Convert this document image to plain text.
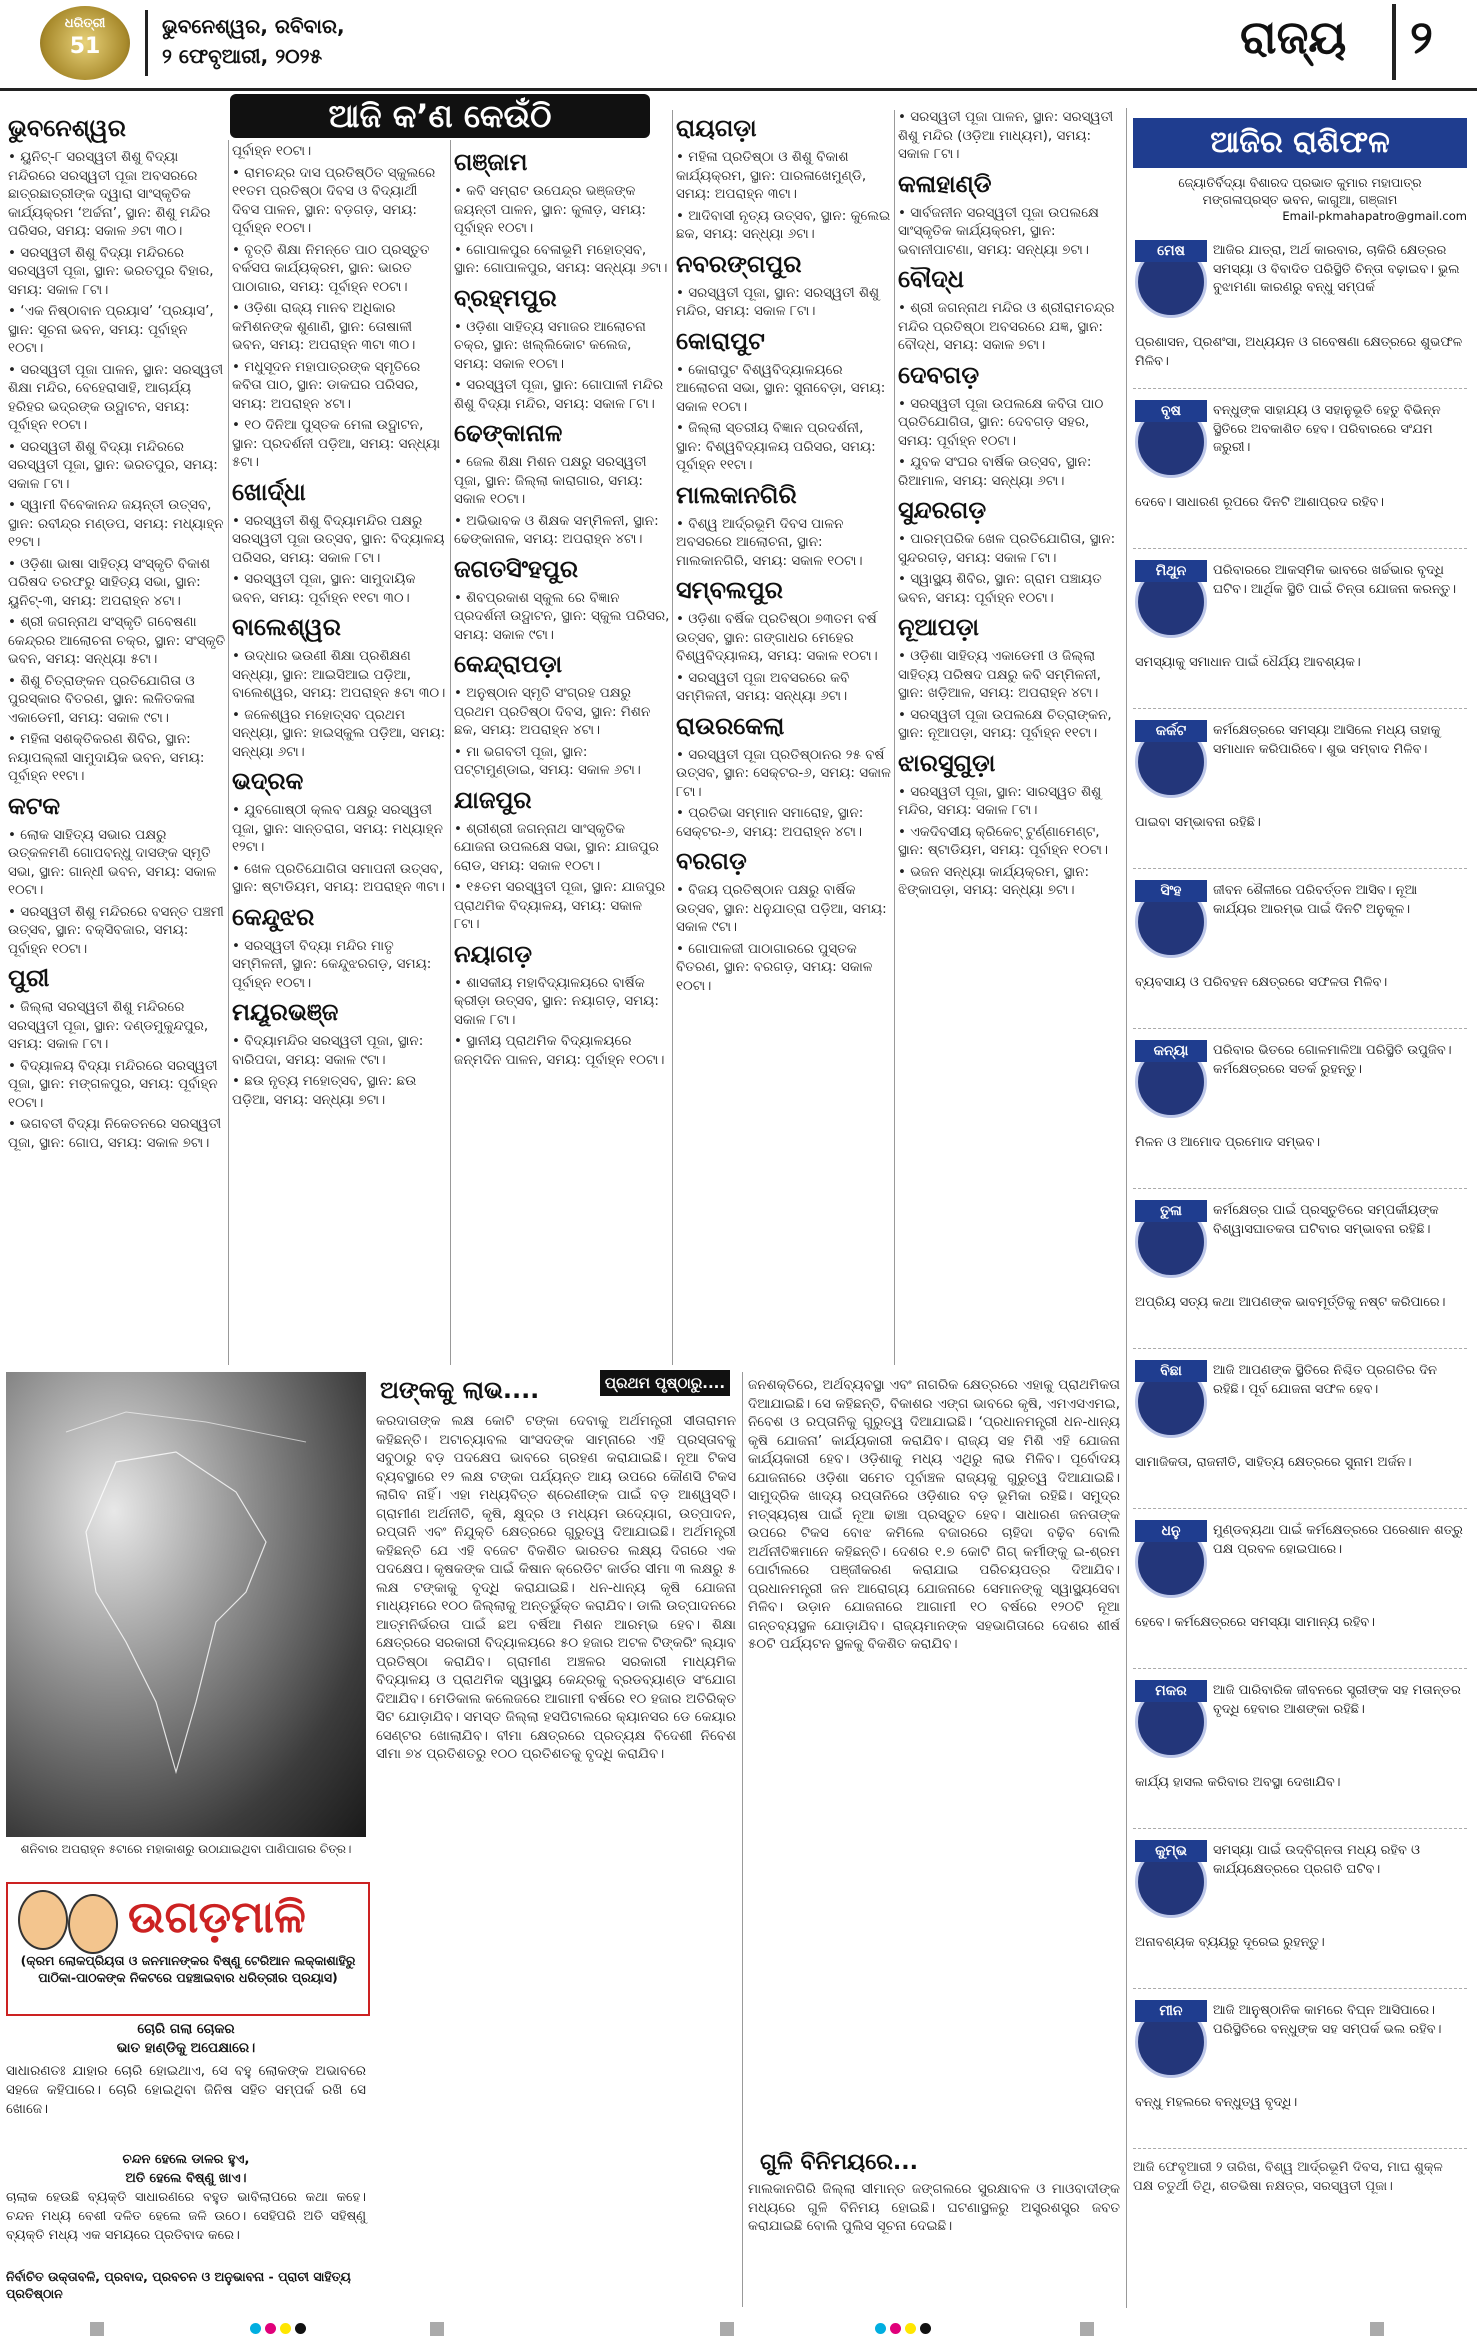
ଧରିତ୍ରୀ
51
ଭୁବନେଶ୍ୱର, ରବିବାର,
୨ ଫେବୃଆରୀ, ୨୦୨୫	ରାଜ୍ୟ ୨
ଆଜି କ’ଣ କେଉଁଠି
ଭୁବନେଶ୍ୱର
• ୟୁନିଟ୍-୮ ସରସ୍ୱତୀ ଶିଶୁ ବିଦ୍ୟା ମନ୍ଦିରରେ ସରସ୍ୱତୀ ପୂଜା ଅବସରରେ ଛାତ୍ରଛାତ୍ରୀଙ୍କ ଦ୍ୱାରା ସାଂସ୍କୃତିକ କାର୍ଯ୍ୟକ୍ରମ ‘ଅର୍ଚ୍ଚନା’, ସ୍ଥାନ: ଶିଶୁ ମନ୍ଦିର ପରିସର, ସମୟ: ସକାଳ ୬ଟା ୩୦।
• ସରସ୍ୱତୀ ଶିଶୁ ବିଦ୍ୟା ମନ୍ଦିରରେ ସରସ୍ୱତୀ ପୂଜା, ସ୍ଥାନ: ଭରତପୁର ବିହାର, ସମୟ: ସକାଳ ୮ଟା।
• ‘ଏକ ନିଷ୍ଠାବାନ ପ୍ରୟାସ’ ‘ପ୍ରୟାସ’, ସ୍ଥାନ: ସୂଚନା ଭବନ, ସମୟ: ପୂର୍ବାହ୍ନ ୧୦ଟା।
• ସରସ୍ୱତୀ ପୂଜା ପାଳନ, ସ୍ଥାନ: ସରସ୍ୱତୀ ଶିକ୍ଷା ମନ୍ଦିର, ବେହେରାସାହି, ଆଚାର୍ଯ୍ୟ ହରିହର ଭଦ୍ରଙ୍କ ଉଦ୍ଘାଟନ, ସମୟ: ପୂର୍ବାହ୍ନ ୧୦ଟା।
• ସରସ୍ୱତୀ ଶିଶୁ ବିଦ୍ୟା ମନ୍ଦିରରେ ସରସ୍ୱତୀ ପୂଜା, ସ୍ଥାନ: ଭରତପୁର, ସମୟ: ସକାଳ ୮ଟା।
• ସ୍ୱାମୀ ବିବେକାନନ୍ଦ ଜୟନ୍ତୀ ଉତ୍ସବ, ସ୍ଥାନ: ରବୀନ୍ଦ୍ର ମଣ୍ଡପ, ସମୟ: ମଧ୍ୟାହ୍ନ ୧୨ଟା।
• ଓଡ଼ିଶା ଭାଷା ସାହିତ୍ୟ ସଂସ୍କୃତି ବିକାଶ ପରିଷଦ ତରଫରୁ ସାହିତ୍ୟ ସଭା, ସ୍ଥାନ: ୟୁନିଟ୍-୩, ସମୟ: ଅପରାହ୍ନ ୪ଟା।
• ଶ୍ରୀ ଜଗନ୍ନାଥ ସଂସ୍କୃତି ଗବେଷଣା କେନ୍ଦ୍ରର ଆଲୋଚନା ଚକ୍ର, ସ୍ଥାନ: ସଂସ୍କୃତି ଭବନ, ସମୟ: ସନ୍ଧ୍ୟା ୫ଟା।
• ଶିଶୁ ଚିତ୍ରାଙ୍କନ ପ୍ରତିଯୋଗିତା ଓ ପୁରସ୍କାର ବିତରଣ, ସ୍ଥାନ: ଲଳିତକଳା ଏକାଡେମୀ, ସମୟ: ସକାଳ ୯ଟା।
• ମହିଳା ସଶକ୍ତିକରଣ ଶିବିର, ସ୍ଥାନ: ନୟାପଲ୍ଲୀ ସାମୁଦାୟିକ ଭବନ, ସମୟ: ପୂର୍ବାହ୍ନ ୧୧ଟା।
କଟକ
• ଲୋକ ସାହିତ୍ୟ ସଭାର ପକ୍ଷରୁ ଉତ୍କଳମଣି ଗୋପବନ୍ଧୁ ଦାସଙ୍କ ସ୍ମୃତି ସଭା, ସ୍ଥାନ: ଗାନ୍ଧୀ ଭବନ, ସମୟ: ସକାଳ ୧୦ଟା।
• ସରସ୍ୱତୀ ଶିଶୁ ମନ୍ଦିରରେ ବସନ୍ତ ପଞ୍ଚମୀ ଉତ୍ସବ, ସ୍ଥାନ: ବକ୍ସିବଜାର, ସମୟ: ପୂର୍ବାହ୍ନ ୧୦ଟା।
ପୁରୀ
• ଜିଲ୍ଲା ସରସ୍ୱତୀ ଶିଶୁ ମନ୍ଦିରରେ ସରସ୍ୱତୀ ପୂଜା, ସ୍ଥାନ: ଦଣ୍ଡମୁକୁନ୍ଦପୁର, ସମୟ: ସକାଳ ୮ଟା।
• ବିଦ୍ୟାଳୟ ବିଦ୍ୟା ମନ୍ଦିରରେ ସରସ୍ୱତୀ ପୂଜା, ସ୍ଥାନ: ମଙ୍ଗଳପୁର, ସମୟ: ପୂର୍ବାହ୍ନ ୧୦ଟା।
• ଭଗବତୀ ବିଦ୍ୟା ନିକେତନରେ ସରସ୍ୱତୀ ପୂଜା, ସ୍ଥାନ: ଗୋପ, ସମୟ: ସକାଳ ୭ଟା।
ପୂର୍ବାହ୍ନ ୧୦ଟା।
• ରାମଚନ୍ଦ୍ର ଦାସ ପ୍ରତିଷ୍ଠିତ ସ୍କୁଲରେ ୧୧ତମ ପ୍ରତିଷ୍ଠା ଦିବସ ଓ ବିଦ୍ୟାର୍ଥୀ ଦିବସ ପାଳନ, ସ୍ଥାନ: ବଡ଼ଗଡ଼, ସମୟ: ପୂର୍ବାହ୍ନ ୧୦ଟା।
• ବୃତ୍ତି ଶିକ୍ଷା ନିମନ୍ତେ ପାଠ ପ୍ରସ୍ତୁତ ବର୍କସପ କାର୍ଯ୍ୟକ୍ରମ, ସ୍ଥାନ: ଭାରତ ପାଠାଗାର, ସମୟ: ପୂର୍ବାହ୍ନ ୧୦ଟା।
• ଓଡ଼ିଶା ରାଜ୍ୟ ମାନବ ଅଧିକାର କମିଶନଙ୍କ ଶୁଣାଣି, ସ୍ଥାନ: ତୋଷାଳୀ ଭବନ, ସମୟ: ଅପରାହ୍ନ ୩ଟା ୩୦।
• ମଧୁସୂଦନ ମହାପାତ୍ରଙ୍କ ସ୍ମୃତିରେ କବିତା ପାଠ, ସ୍ଥାନ: ଡାକଘର ପରିସର, ସମୟ: ଅପରାହ୍ନ ୪ଟା।
• ୧୦ ଦିନିଆ ପୁସ୍ତକ ମେଳା ଉଦ୍ଘାଟନ, ସ୍ଥାନ: ପ୍ରଦର୍ଶନୀ ପଡ଼ିଆ, ସମୟ: ସନ୍ଧ୍ୟା ୫ଟା।
ଖୋର୍ଦ୍ଧା
• ସରସ୍ୱତୀ ଶିଶୁ ବିଦ୍ୟାମନ୍ଦିର ପକ୍ଷରୁ ସରସ୍ୱତୀ ପୂଜା ଉତ୍ସବ, ସ୍ଥାନ: ବିଦ୍ୟାଳୟ ପରିସର, ସମୟ: ସକାଳ ୮ଟା।
• ସରସ୍ୱତୀ ପୂଜା, ସ୍ଥାନ: ସାମୁଦାୟିକ ଭବନ, ସମୟ: ପୂର୍ବାହ୍ନ ୧୧ଟା ୩୦।
ବାଲେଶ୍ୱର
• ଉଦ୍ଧାର ଭଉଣୀ ଶିକ୍ଷା ପ୍ରଶିକ୍ଷଣ ସନ୍ଧ୍ୟା, ସ୍ଥାନ: ଆଇସିଆଇ ପଡ଼ିଆ, ବାଲେଶ୍ୱର, ସମୟ: ଅପରାହ୍ନ ୫ଟା ୩୦।
• ଜଳେଶ୍ୱର ମହୋତ୍ସବ ପ୍ରଥମ ସନ୍ଧ୍ୟା, ସ୍ଥାନ: ହାଇସ୍କୁଲ ପଡ଼ିଆ, ସମୟ: ସନ୍ଧ୍ୟା ୬ଟା।
ଭଦ୍ରକ
• ଯୁବଗୋଷ୍ଠୀ କ୍ଲବ ପକ୍ଷରୁ ସରସ୍ୱତୀ ପୂଜା, ସ୍ଥାନ: ସାନ୍ତରାଗ, ସମୟ: ମଧ୍ୟାହ୍ନ ୧୨ଟା।
• ଖେଳ ପ୍ରତିଯୋଗିତା ସମାପନୀ ଉତ୍ସବ, ସ୍ଥାନ: ଷ୍ଟାଡିୟମ, ସମୟ: ଅପରାହ୍ନ ୩ଟା।
କେନ୍ଦୁଝର
• ସରସ୍ୱତୀ ବିଦ୍ୟା ମନ୍ଦିର ମାତୃ ସମ୍ମିଳନୀ, ସ୍ଥାନ: କେନ୍ଦୁଝରଗଡ଼, ସମୟ: ପୂର୍ବାହ୍ନ ୧୦ଟା।
ମୟୂରଭଞ୍ଜ
• ବିଦ୍ୟାମନ୍ଦିର ସରସ୍ୱତୀ ପୂଜା, ସ୍ଥାନ: ବାରିପଦା, ସମୟ: ସକାଳ ୯ଟା।
• ଛଉ ନୃତ୍ୟ ମହୋତ୍ସବ, ସ୍ଥାନ: ଛଉ ପଡ଼ିଆ, ସମୟ: ସନ୍ଧ୍ୟା ୭ଟା।
ଗଞ୍ଜାମ
• କବି ସମ୍ରାଟ ଉପେନ୍ଦ୍ର ଭଞ୍ଜଙ୍କ ଜୟନ୍ତୀ ପାଳନ, ସ୍ଥାନ: କୁଳାଡ଼, ସମୟ: ପୂର୍ବାହ୍ନ ୧୦ଟା।
• ଗୋପାଳପୁର ବେଳାଭୂମି ମହୋତ୍ସବ, ସ୍ଥାନ: ଗୋପାଳପୁର, ସମୟ: ସନ୍ଧ୍ୟା ୬ଟା।
ବ୍ରହ୍ମପୁର
• ଓଡ଼ିଶା ସାହିତ୍ୟ ସମାଜର ଆଲୋଚନା ଚକ୍ର, ସ୍ଥାନ: ଖଲ୍ଲିକୋଟ କଲେଜ, ସମୟ: ସକାଳ ୧୦ଟା।
• ସରସ୍ୱତୀ ପୂଜା, ସ୍ଥାନ: ଗୋପାଳୀ ମନ୍ଦିର ଶିଶୁ ବିଦ୍ୟା ମନ୍ଦିର, ସମୟ: ସକାଳ ୮ଟା।
ଢେଙ୍କାନାଳ
• ଜେଲ ଶିକ୍ଷା ମିଶନ ପକ୍ଷରୁ ସରସ୍ୱତୀ ପୂଜା, ସ୍ଥାନ: ଜିଲ୍ଲା କାରାଗାର, ସମୟ: ସକାଳ ୧୦ଟା।
• ଅଭିଭାବକ ଓ ଶିକ୍ଷକ ସମ୍ମିଳନୀ, ସ୍ଥାନ: ଢେଙ୍କାନାଳ, ସମୟ: ଅପରାହ୍ନ ୪ଟା।
ଜଗତସିଂହପୁର
• ଶିବପ୍ରକାଶ ସ୍କୁଲ ରେ ବିଜ୍ଞାନ ପ୍ରଦର୍ଶନୀ ଉଦ୍ଘାଟନ, ସ୍ଥାନ: ସ୍କୁଲ ପରିସର, ସମୟ: ସକାଳ ୯ଟା।
କେନ୍ଦ୍ରାପଡ଼ା
• ଅନୁଷ୍ଠାନ ସ୍ମୃତି ସଂଗ୍ରହ ପକ୍ଷରୁ ପ୍ରଥମ ପ୍ରତିଷ୍ଠା ଦିବସ, ସ୍ଥାନ: ମିଶନ ଛକ, ସମୟ: ଅପରାହ୍ନ ୪ଟା।
• ମା ଭଗବତୀ ପୂଜା, ସ୍ଥାନ: ପଟ୍ଟାମୁଣ୍ଡାଇ, ସମୟ: ସକାଳ ୬ଟା।
ଯାଜପୁର
• ଶ୍ରୀଶ୍ରୀ ଜଗନ୍ନାଥ ସାଂସ୍କୃତିକ ଯୋଜନା ଉପଲକ୍ଷେ ସଭା, ସ୍ଥାନ: ଯାଜପୁର ରୋଡ, ସମୟ: ସକାଳ ୧୦ଟା।
• ୧୫ତମ ସରସ୍ୱତୀ ପୂଜା, ସ୍ଥାନ: ଯାଜପୁର ପ୍ରାଥମିକ ବିଦ୍ୟାଳୟ, ସମୟ: ସକାଳ ୮ଟା।
ନୟାଗଡ଼
• ଶାସକୀୟ ମହାବିଦ୍ୟାଳୟରେ ବାର୍ଷିକ କ୍ରୀଡ଼ା ଉତ୍ସବ, ସ୍ଥାନ: ନୟାଗଡ଼, ସମୟ: ସକାଳ ୮ଟା।
• ସ୍ଥାନୀୟ ପ୍ରାଥମିକ ବିଦ୍ୟାଳୟରେ ଜନ୍ମଦିନ ପାଳନ, ସମୟ: ପୂର୍ବାହ୍ନ ୧୦ଟା।
ରାୟଗଡ଼ା
• ମହିଳା ପ୍ରତିଷ୍ଠା ଓ ଶିଶୁ ବିକାଶ କାର୍ଯ୍ୟକ୍ରମ, ସ୍ଥାନ: ପାରଳାଖେମୁଣ୍ଡି, ସମୟ: ଅପରାହ୍ନ ୩ଟା।
• ଆଦିବାସୀ ନୃତ୍ୟ ଉତ୍ସବ, ସ୍ଥାନ: କୁଲେଇ ଛକ, ସମୟ: ସନ୍ଧ୍ୟା ୬ଟା।
ନବରଙ୍ଗପୁର
• ସରସ୍ୱତୀ ପୂଜା, ସ୍ଥାନ: ସରସ୍ୱତୀ ଶିଶୁ ମନ୍ଦିର, ସମୟ: ସକାଳ ୮ଟା।
କୋରାପୁଟ
• କୋରାପୁଟ ବିଶ୍ୱବିଦ୍ୟାଳୟରେ ଆଲୋଚନା ସଭା, ସ୍ଥାନ: ସୁନାବେଡ଼ା, ସମୟ: ସକାଳ ୧୦ଟା।
• ଜିଲ୍ଲା ସ୍ତରୀୟ ବିଜ୍ଞାନ ପ୍ରଦର୍ଶନୀ, ସ୍ଥାନ: ବିଶ୍ୱବିଦ୍ୟାଳୟ ପରିସର, ସମୟ: ପୂର୍ବାହ୍ନ ୧୧ଟା।
ମାଲକାନଗିରି
• ବିଶ୍ୱ ଆର୍ଦ୍ରଭୂମି ଦିବସ ପାଳନ ଅବସରରେ ଆଲୋଚନା, ସ୍ଥାନ: ମାଲକାନଗିରି, ସମୟ: ସକାଳ ୧୦ଟା।
ସମ୍ବଲପୁର
• ଓଡ଼ିଶା ବର୍ଷିକ ପ୍ରତିଷ୍ଠା ୭୩ତମ ବର୍ଷ ଉତ୍ସବ, ସ୍ଥାନ: ଗଙ୍ଗାଧର ମେହେର ବିଶ୍ୱବିଦ୍ୟାଳୟ, ସମୟ: ସକାଳ ୧୦ଟା।
• ସରସ୍ୱତୀ ପୂଜା ଅବସରରେ କବି ସମ୍ମିଳନୀ, ସମୟ: ସନ୍ଧ୍ୟା ୬ଟା।
ରାଉରକେଲା
• ସରସ୍ୱତୀ ପୂଜା ପ୍ରତିଷ୍ଠାନର ୨୫ ବର୍ଷ ଉତ୍ସବ, ସ୍ଥାନ: ସେକ୍ଟର-୬, ସମୟ: ସକାଳ ୮ଟା।
• ପ୍ରତିଭା ସମ୍ମାନ ସମାରୋହ, ସ୍ଥାନ: ସେକ୍ଟର-୬, ସମୟ: ଅପରାହ୍ନ ୪ଟା।
ବରଗଡ଼
• ବିଜୟ ପ୍ରତିଷ୍ଠାନ ପକ୍ଷରୁ ବାର୍ଷିକ ଉତ୍ସବ, ସ୍ଥାନ: ଧନୁଯାତ୍ରା ପଡ଼ିଆ, ସମୟ: ସକାଳ ୯ଟା।
• ଗୋପାଳଜୀ ପାଠାଗାରରେ ପୁସ୍ତକ ବିତରଣ, ସ୍ଥାନ: ବରଗଡ଼, ସମୟ: ସକାଳ ୧୦ଟା।
• ସରସ୍ୱତୀ ପୂଜା ପାଳନ, ସ୍ଥାନ: ସରସ୍ୱତୀ ଶିଶୁ ମନ୍ଦିର (ଓଡ଼ିଆ ମାଧ୍ୟମ), ସମୟ: ସକାଳ ୮ଟା।
କଳାହାଣ୍ଡି
• ସାର୍ବଜନୀନ ସରସ୍ୱତୀ ପୂଜା ଉପଲକ୍ଷେ ସାଂସ୍କୃତିକ କାର୍ଯ୍ୟକ୍ରମ, ସ୍ଥାନ: ଭବାନୀପାଟଣା, ସମୟ: ସନ୍ଧ୍ୟା ୭ଟା।
ବୌଦ୍ଧ
• ଶ୍ରୀ ଜଗନ୍ନାଥ ମନ୍ଦିର ଓ ଶ୍ରୀରାମଚନ୍ଦ୍ର ମନ୍ଦିର ପ୍ରତିଷ୍ଠା ଅବସରରେ ଯଜ୍ଞ, ସ୍ଥାନ: ବୌଦ୍ଧ, ସମୟ: ସକାଳ ୭ଟା।
ଦେବଗଡ଼
• ସରସ୍ୱତୀ ପୂଜା ଉପଲକ୍ଷେ କବିତା ପାଠ ପ୍ରତିଯୋଗିତା, ସ୍ଥାନ: ଦେବଗଡ଼ ସହର, ସମୟ: ପୂର୍ବାହ୍ନ ୧୦ଟା।
• ଯୁବକ ସଂଘର ବାର୍ଷିକ ଉତ୍ସବ, ସ୍ଥାନ: ରିଆମାଳ, ସମୟ: ସନ୍ଧ୍ୟା ୬ଟା।
ସୁନ୍ଦରଗଡ଼
• ପାରମ୍ପରିକ ଖେଳ ପ୍ରତିଯୋଗିତା, ସ୍ଥାନ: ସୁନ୍ଦରଗଡ଼, ସମୟ: ସକାଳ ୮ଟା।
• ସ୍ୱାସ୍ଥ୍ୟ ଶିବିର, ସ୍ଥାନ: ଗ୍ରାମ ପଞ୍ଚାୟତ ଭବନ, ସମୟ: ପୂର୍ବାହ୍ନ ୧୦ଟା।
ନୂଆପଡ଼ା
• ଓଡ଼ିଶା ସାହିତ୍ୟ ଏକାଡେମୀ ଓ ଜିଲ୍ଲା ସାହିତ୍ୟ ପରିଷଦ ପକ୍ଷରୁ କବି ସମ୍ମିଳନୀ, ସ୍ଥାନ: ଖଡ଼ିଆଳ, ସମୟ: ଅପରାହ୍ନ ୪ଟା।
• ସରସ୍ୱତୀ ପୂଜା ଉପଲକ୍ଷେ ଚିତ୍ରାଙ୍କନ, ସ୍ଥାନ: ନୂଆପଡ଼ା, ସମୟ: ପୂର୍ବାହ୍ନ ୧୧ଟା।
ଝାରସୁଗୁଡ଼ା
• ସରସ୍ୱତୀ ପୂଜା, ସ୍ଥାନ: ସାରସ୍ୱତ ଶିଶୁ ମନ୍ଦିର, ସମୟ: ସକାଳ ୮ଟା।
• ଏକଦିବସୀୟ କ୍ରିକେଟ୍ ଟୁର୍ଣ୍ଣାମେଣ୍ଟ, ସ୍ଥାନ: ଷ୍ଟାଡିୟମ, ସମୟ: ପୂର୍ବାହ୍ନ ୧୦ଟା।
• ଭଜନ ସନ୍ଧ୍ୟା କାର୍ଯ୍ୟକ୍ରମ, ସ୍ଥାନ: ଝିଙ୍କାପଡ଼ା, ସମୟ: ସନ୍ଧ୍ୟା ୭ଟା।
ଆଜିର ରାଶିଫଳ
ଜ୍ୟୋତିର୍ବିଦ୍ୟା ବିଶାରଦ ପ୍ରଭାତ କୁମାର ମହାପାତ୍ର
ମଙ୍ଗଳାପ୍ରସ୍ତ ଭବନ, କାଗୁଆ, ଗଞ୍ଜାମ
Email-pkmahapatro@gmail.com
ମେଷ	ଆଜିର ଯାତ୍ରା, ଅର୍ଥ କାରବାର, ଚାକିରି କ୍ଷେତ୍ରର ସମସ୍ୟା ଓ ବିବାଦିତ ପରିସ୍ଥିତି ଚିନ୍ତା ବଢ଼ାଇବ। ଭୁଲ ବୁଝାମଣା କାରଣରୁ ବନ୍ଧୁ ସମ୍ପର୍କ
ପ୍ରଶାସନ, ପ୍ରଶଂସା, ଅଧ୍ୟୟନ ଓ ଗବେଷଣା କ୍ଷେତ୍ରରେ ଶୁଭଫଳ ମିଳିବ।
ବୃଷ	ବନ୍ଧୁଙ୍କ ସାହାଯ୍ୟ ଓ ସହାନୁଭୂତି ହେତୁ ବିଭିନ୍ନ ସ୍ଥିତିରେ ଅବକାଶିତ ହେବ। ପରିବାରରେ ସଂଯମ ଜରୁରୀ।
ଦେବେ। ସାଧାରଣ ରୂପରେ ଦିନଟି ଆଶାପ୍ରଦ ରହିବ।
ମିଥୁନ	ପରିବାରରେ ଆକସ୍ମିକ ଭାବରେ ଖର୍ଚ୍ଚଭାର ବୃଦ୍ଧି ଘଟିବ। ଆର୍ଥିକ ସ୍ଥିତି ପାଇଁ ଚିନ୍ତା ଯୋଜନା କରନ୍ତୁ।
ସମସ୍ୟାକୁ ସମାଧାନ ପାଇଁ ଧୈର୍ଯ୍ୟ ଆବଶ୍ୟକ।
କର୍କଟ	କର୍ମକ୍ଷେତ୍ରରେ ସମସ୍ୟା ଆସିଲେ ମଧ୍ୟ ତାହାକୁ ସମାଧାନ କରିପାରିବେ। ଶୁଭ ସମ୍ବାଦ ମିଳିବ।
ପାଇବା ସମ୍ଭାବନା ରହିଛି।
ସିଂହ	ଜୀବନ ଶୈଳୀରେ ପରିବର୍ତ୍ତନ ଆସିବ। ନୂଆ କାର୍ଯ୍ୟର ଆରମ୍ଭ ପାଇଁ ଦିନଟି ଅନୁକୂଳ।
ବ୍ୟବସାୟ ଓ ପରିବହନ କ୍ଷେତ୍ରରେ ସଫଳତା ମିଳିବ।
କନ୍ୟା	ପରିବାର ଭିତରେ ଗୋଳମାଳିଆ ପରିସ୍ଥିତି ଉପୁଜିବ। କର୍ମକ୍ଷେତ୍ରରେ ସତର୍କ ରୁହନ୍ତୁ।
ମିଳନ ଓ ଆମୋଦ ପ୍ରମୋଦ ସମ୍ଭବ।
ତୁଳା	କର୍ମକ୍ଷେତ୍ର ପାଇଁ ପ୍ରସ୍ତୁତିରେ ସମ୍ପର୍କୀୟଙ୍କ ବିଶ୍ୱାସଘାତକତା ଘଟିବାର ସମ୍ଭାବନା ରହିଛି।
ଅପ୍ରିୟ ସତ୍ୟ କଥା ଆପଣଙ୍କ ଭାବମୂର୍ତ୍ତିକୁ ନଷ୍ଟ କରିପାରେ।
ବିଛା	ଆଜି ଆପଣଙ୍କ ସ୍ଥିତିରେ ନିଶ୍ଚିତ ପ୍ରଗତିର ଦିନ ରହିଛି। ପୂର୍ବ ଯୋଜନା ସଫଳ ହେବ।
ସାମାଜିକତା, ରାଜନୀତି, ସାହିତ୍ୟ କ୍ଷେତ୍ରରେ ସୁନାମ ଅର୍ଜନ।
ଧନୁ	ମୁଣ୍ଡବ୍ୟଥା ପାଇଁ କର୍ମକ୍ଷେତ୍ରରେ ପରେଶାନ ଶତ୍ରୁ ପକ୍ଷ ପ୍ରବଳ ହୋଇପାରେ।
ହେବେ। କର୍ମକ୍ଷେତ୍ରରେ ସମସ୍ୟା ସାମାନ୍ୟ ରହିବ।
ମକର	ଆଜି ପାରିବାରିକ ଜୀବନରେ ସ୍ତ୍ରୀଙ୍କ ସହ ମତାନ୍ତର ବୃଦ୍ଧି ହେବାର ଆଶଙ୍କା ରହିଛି।
କାର୍ଯ୍ୟ ହାସଲ କରିବାର ଅବସ୍ଥା ଦେଖାଯିବ।
କୁମ୍ଭ	ସମସ୍ୟା ପାଇଁ ଉଦ୍ବିଗ୍ନତା ମଧ୍ୟ ରହିବ ଓ କାର୍ଯ୍ୟକ୍ଷେତ୍ରରେ ପ୍ରଗତି ଘଟିବ।
ଅନାବଶ୍ୟକ ବ୍ୟୟରୁ ଦୂରେଇ ରୁହନ୍ତୁ।
ମୀନ	ଆଜି ଆନୁଷ୍ଠାନିକ କାମରେ ବିଘ୍ନ ଆସିପାରେ। ପରିସ୍ଥିତିରେ ବନ୍ଧୁଙ୍କ ସହ ସମ୍ପର୍କ ଭଲ ରହିବ।
ବନ୍ଧୁ ମହଲରେ ବନ୍ଧୁତ୍ୱ ବୃଦ୍ଧି।
ଆଜି ଫେବୃଆରୀ ୨ ତାରିଖ, ବିଶ୍ୱ ଆର୍ଦ୍ରଭୂମି ଦିବସ, ମାଘ ଶୁକ୍ଳ ପକ୍ଷ ଚତୁର୍ଥୀ ତିଥି, ଶତଭିଷା ନକ୍ଷତ୍ର, ସରସ୍ୱତୀ ପୂଜା।
ଶନିବାର ଅପରାହ୍ନ ୫ଟାରେ ମହାକାଶରୁ ଉଠାଯାଇଥିବା ପାଣିପାଗର ଚିତ୍ର।
ଉଗଡ଼ମାଳି
(କ୍ରମ ଲୋକପ୍ରିୟତା ଓ ଜନମାନଙ୍କର ବିଷ୍ଣୁ ଟେରିଆନ ଲକ୍କାଶାହିରୁ ପାଠିକା-ପାଠକଙ୍କ ନିକଟରେ ପହଞ୍ଚାଇବାର ଧରିତ୍ରୀର ପ୍ରୟାସ)
ଚୋରି ଗଲା ଚୋକର
ଭାତ ହାଣ୍ଡିକୁ ଅପେକ୍ଷାରେ।
ସାଧାରଣତଃ ଯାହାର ଚୋରି ହୋଇଥାଏ, ସେ ବହୁ ଲୋକଙ୍କ ଅଭାବରେ ସହଜେ କହିପାରେ। ଚୋରି ହୋଇଥିବା ଜିନିଷ ସହିତ ସମ୍ପର୍କ ରଖି ସେ ଖୋଜେ।
ଚନ୍ଦନ ହେଲେ ଡାଳର ହୁଏ,
ଅତି ହେଲେ ବିଷ୍ଣୁ ଖାଏ।
ଚାଲାକ ହେଉଛି ବ୍ୟକ୍ତି ସାଧାରଣରେ ବହୁତ ଭାବିଲାପରେ କଥା କହେ। ଚନ୍ଦନ ମଧ୍ୟ ବେଶୀ ଦଳିତ ହେଲେ ଜଳି ଉଠେ। ସେହିପରି ଅତି ସହିଷ୍ଣୁ ବ୍ୟକ୍ତି ମଧ୍ୟ ଏକ ସମୟରେ ପ୍ରତିବାଦ କରେ।
ନିର୍ବାଚିତ ଉକ୍ତାବଳି, ପ୍ରବାଦ, ପ୍ରବଚନ ଓ ଅନୁଭାବନା - ପ୍ରାଚୀ ସାହିତ୍ୟ ପ୍ରତିଷ୍ଠାନ
ଅଙ୍କକୁ ଲାଭ....	ପ୍ରଥମ ପୃଷ୍ଠାରୁ....
କରଦାତାଙ୍କ ଲକ୍ଷ କୋଟି ଟଙ୍କା ଦେବାକୁ ଅର୍ଥମନ୍ତ୍ରୀ ସୀତାରାମନ କହିଛନ୍ତି। ଅଟାଚ୍ୟାବଲ ସାଂସଦଙ୍କ ସାମ୍ନାରେ ଏହି ପ୍ରସ୍ତାବକୁ ସବୁଠାରୁ ବଡ଼ ପଦକ୍ଷେପ ଭାବରେ ଗ୍ରହଣ କରାଯାଇଛି। ନୂଆ ଟିକସ ବ୍ୟବସ୍ଥାରେ ୧୨ ଲକ୍ଷ ଟଙ୍କା ପର୍ଯ୍ୟନ୍ତ ଆୟ ଉପରେ କୌଣସି ଟିକସ ଲାଗିବ ନାହିଁ। ଏହା ମଧ୍ୟବିତ୍ତ ଶ୍ରେଣୀଙ୍କ ପାଇଁ ବଡ଼ ଆଶ୍ୱସ୍ତି। ଗ୍ରାମୀଣ ଅର୍ଥନୀତି, କୃଷି, କ୍ଷୁଦ୍ର ଓ ମଧ୍ୟମ ଉଦ୍ୟୋଗ, ଉତ୍ପାଦନ, ରପ୍ତାନି ଏବଂ ନିଯୁକ୍ତି କ୍ଷେତ୍ରରେ ଗୁରୁତ୍ୱ ଦିଆଯାଇଛି। ଅର୍ଥମନ୍ତ୍ରୀ କହିଛନ୍ତି ଯେ ଏହି ବଜେଟ ବିକଶିତ ଭାରତର ଲକ୍ଷ୍ୟ ଦିଗରେ ଏକ ପଦକ୍ଷେପ। କୃଷକଙ୍କ ପାଇଁ କିଷାନ କ୍ରେଡିଟ କାର୍ଡର ସୀମା ୩ ଲକ୍ଷରୁ ୫ ଲକ୍ଷ ଟଙ୍କାକୁ ବୃଦ୍ଧି କରାଯାଇଛି। ଧନ-ଧାନ୍ୟ କୃଷି ଯୋଜନା ମାଧ୍ୟମରେ ୧୦୦ ଜିଲ୍ଲାକୁ ଅନ୍ତର୍ଭୁକ୍ତ କରାଯିବ। ଡାଲି ଉତ୍ପାଦନରେ ଆତ୍ମନିର୍ଭରତା ପାଇଁ ଛଅ ବର୍ଷିଆ ମିଶନ ଆରମ୍ଭ ହେବ। ଶିକ୍ଷା କ୍ଷେତ୍ରରେ ସରକାରୀ ବିଦ୍ୟାଳୟରେ ୫୦ ହଜାର ଅଟଳ ଟିଙ୍କରିଂ ଲ୍ୟାବ ପ୍ରତିଷ୍ଠା କରାଯିବ। ଗ୍ରାମୀଣ ଅଞ୍ଚଳର ସରକାରୀ ମାଧ୍ୟମିକ ବିଦ୍ୟାଳୟ ଓ ପ୍ରାଥମିକ ସ୍ୱାସ୍ଥ୍ୟ କେନ୍ଦ୍ରକୁ ବ୍ରଡବ୍ୟାଣ୍ଡ ସଂଯୋଗ ଦିଆଯିବ। ମେଡିକାଲ କଲେଜରେ ଆଗାମୀ ବର୍ଷରେ ୧୦ ହଜାର ଅତିରିକ୍ତ ସିଟ ଯୋଡ଼ାଯିବ। ସମସ୍ତ ଜିଲ୍ଲା ହସପିଟାଲରେ କ୍ୟାନସର ଡେ କେୟାର ସେଣ୍ଟର ଖୋଲାଯିବ। ବୀମା କ୍ଷେତ୍ରରେ ପ୍ରତ୍ୟକ୍ଷ ବିଦେଶୀ ନିବେଶ ସୀମା ୭୪ ପ୍ରତିଶତରୁ ୧୦୦ ପ୍ରତିଶତକୁ ବୃଦ୍ଧି କରାଯିବ।
ଜନଶକ୍ତିରେ, ଅର୍ଥବ୍ୟବସ୍ଥା ଏବଂ ନାଗରିକ କ୍ଷେତ୍ରରେ ଏହାକୁ ପ୍ରାଥମିକତା ଦିଆଯାଇଛି। ସେ କହିଛନ୍ତି, ବିକାଶର ଏଙ୍ଗ ଭାବରେ କୃଷି, ଏମଏସଏମଇ, ନିବେଶ ଓ ରପ୍ତାନିକୁ ଗୁରୁତ୍ୱ ଦିଆଯାଇଛି। ‘ପ୍ରଧାନମନ୍ତ୍ରୀ ଧନ-ଧାନ୍ୟ କୃଷି ଯୋଜନା’ କାର୍ଯ୍ୟକାରୀ କରାଯିବ। ରାଜ୍ୟ ସହ ମିଶି ଏହି ଯୋଜନା କାର୍ଯ୍ୟକାରୀ ହେବ। ଓଡ଼ିଶାକୁ ମଧ୍ୟ ଏଥିରୁ ଲାଭ ମିଳିବ। ପୂର୍ବୋଦୟ ଯୋଜନାରେ ଓଡ଼ିଶା ସମେତ ପୂର୍ବାଞ୍ଚଳ ରାଜ୍ୟକୁ ଗୁରୁତ୍ୱ ଦିଆଯାଇଛି। ସାମୁଦ୍ରିକ ଖାଦ୍ୟ ରପ୍ତାନିରେ ଓଡ଼ିଶାର ବଡ଼ ଭୂମିକା ରହିଛି। ସମୁଦ୍ର ମତ୍ସ୍ୟଚାଷ ପାଇଁ ନୂଆ ଢାଞ୍ଚା ପ୍ରସ୍ତୁତ ହେବ। ସାଧାରଣ ଜନତାଙ୍କ ଉପରେ ଟିକସ ବୋଝ କମିଲେ ବଜାରରେ ଚାହିଦା ବଢ଼ିବ ବୋଲି ଅର୍ଥନୀତିଜ୍ଞମାନେ କହିଛନ୍ତି। ଦେଶର ୧.୭ କୋଟି ଗିଗ୍ କର୍ମୀଙ୍କୁ ଇ-ଶ୍ରମ ପୋର୍ଟାଲରେ ପଞ୍ଜୀକରଣ କରାଯାଇ ପରିଚୟପତ୍ର ଦିଆଯିବ। ପ୍ରଧାନମନ୍ତ୍ରୀ ଜନ ଆରୋଗ୍ୟ ଯୋଜନାରେ ସେମାନଙ୍କୁ ସ୍ୱାସ୍ଥ୍ୟସେବା ମିଳିବ। ଉଡ଼ାନ ଯୋଜନାରେ ଆଗାମୀ ୧୦ ବର୍ଷରେ ୧୨୦ଟି ନୂଆ ଗନ୍ତବ୍ୟସ୍ଥଳ ଯୋଡ଼ାଯିବ। ରାଜ୍ୟମାନଙ୍କ ସହଭାଗିତାରେ ଦେଶର ଶୀର୍ଷ ୫୦ଟି ପର୍ଯ୍ୟଟନ ସ୍ଥଳକୁ ବିକଶିତ କରାଯିବ।
ଗୁଳି ବିନିମୟରେ...
ମାଲକାନଗିରି ଜିଲ୍ଲା ସୀମାନ୍ତ ଜଙ୍ଗଲରେ ସୁରକ୍ଷାବଳ ଓ ମାଓବାଦୀଙ୍କ ମଧ୍ୟରେ ଗୁଳି ବିନିମୟ ହୋଇଛି। ଘଟଣାସ୍ଥଳରୁ ଅସ୍ତ୍ରଶସ୍ତ୍ର ଜବତ କରାଯାଇଛି ବୋଲି ପୁଲିସ ସୂଚନା ଦେଇଛି।
